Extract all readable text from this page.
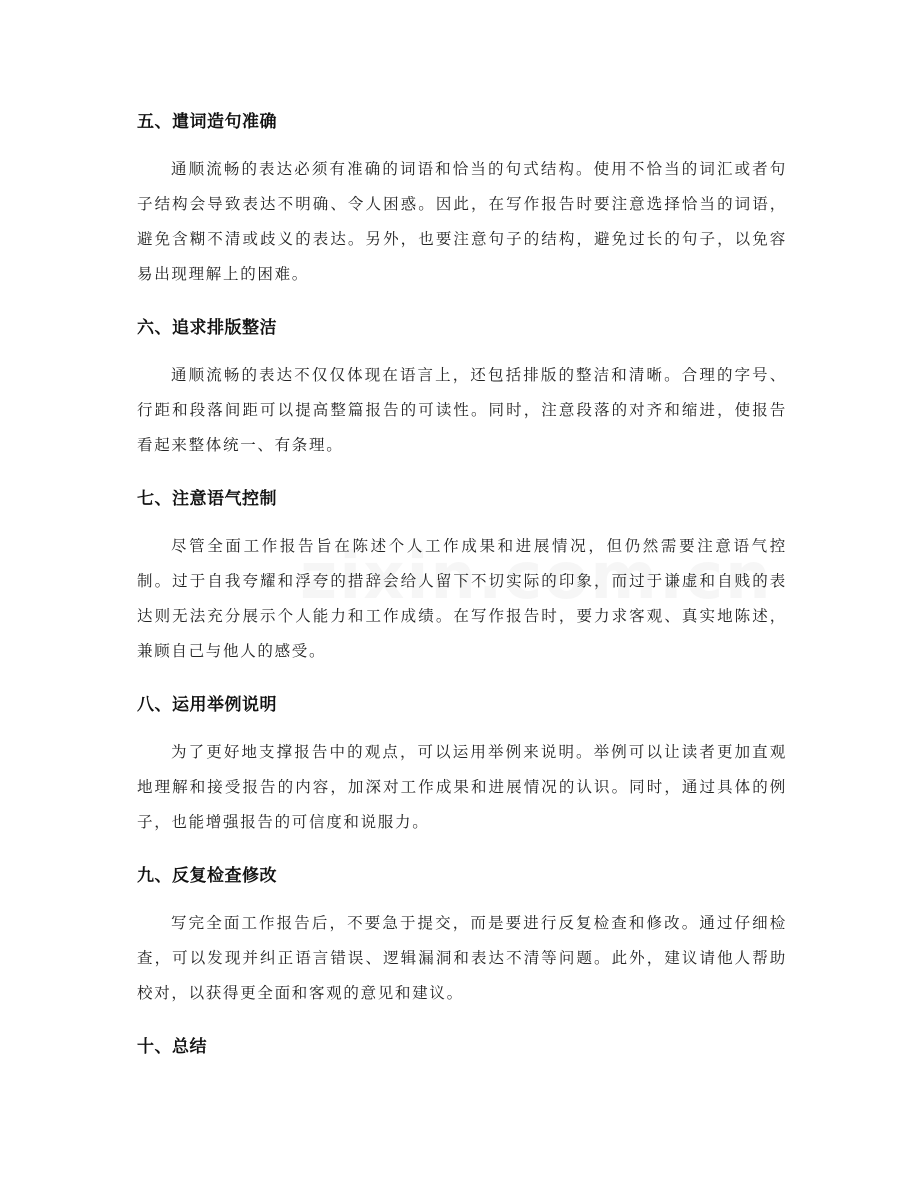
五、遣词造句准确

通顺流畅的表达必须有准确的词语和恰当的句式结构。使用不恰当的词汇或者句子结构会导致表达不明确、令人困惑。因此，在写作报告时要注意选择恰当的词语，避免含糊不清或歧义的表达。另外，也要注意句子的结构，避免过长的句子，以免容易出现理解上的困难。

六、追求排版整洁

通顺流畅的表达不仅仅体现在语言上，还包括排版的整洁和清晰。合理的字号、行距和段落间距可以提高整篇报告的可读性。同时，注意段落的对齐和缩进，使报告看起来整体统一、有条理。

七、注意语气控制

尽管全面工作报告旨在陈述个人工作成果和进展情况，但仍然需要注意语气控制。过于自我夸耀和浮夸的措辞会给人留下不切实际的印象，而过于谦虚和自贱的表达则无法充分展示个人能力和工作成绩。在写作报告时，要力求客观、真实地陈述，兼顾自己与他人的感受。

八、运用举例说明

为了更好地支撑报告中的观点，可以运用举例来说明。举例可以让读者更加直观地理解和接受报告的内容，加深对工作成果和进展情况的认识。同时，通过具体的例子，也能增强报告的可信度和说服力。

九、反复检查修改

写完全面工作报告后，不要急于提交，而是要进行反复检查和修改。通过仔细检查，可以发现并纠正语言错误、逻辑漏洞和表达不清等问题。此外，建议请他人帮助校对，以获得更全面和客观的意见和建议。

十、总结
